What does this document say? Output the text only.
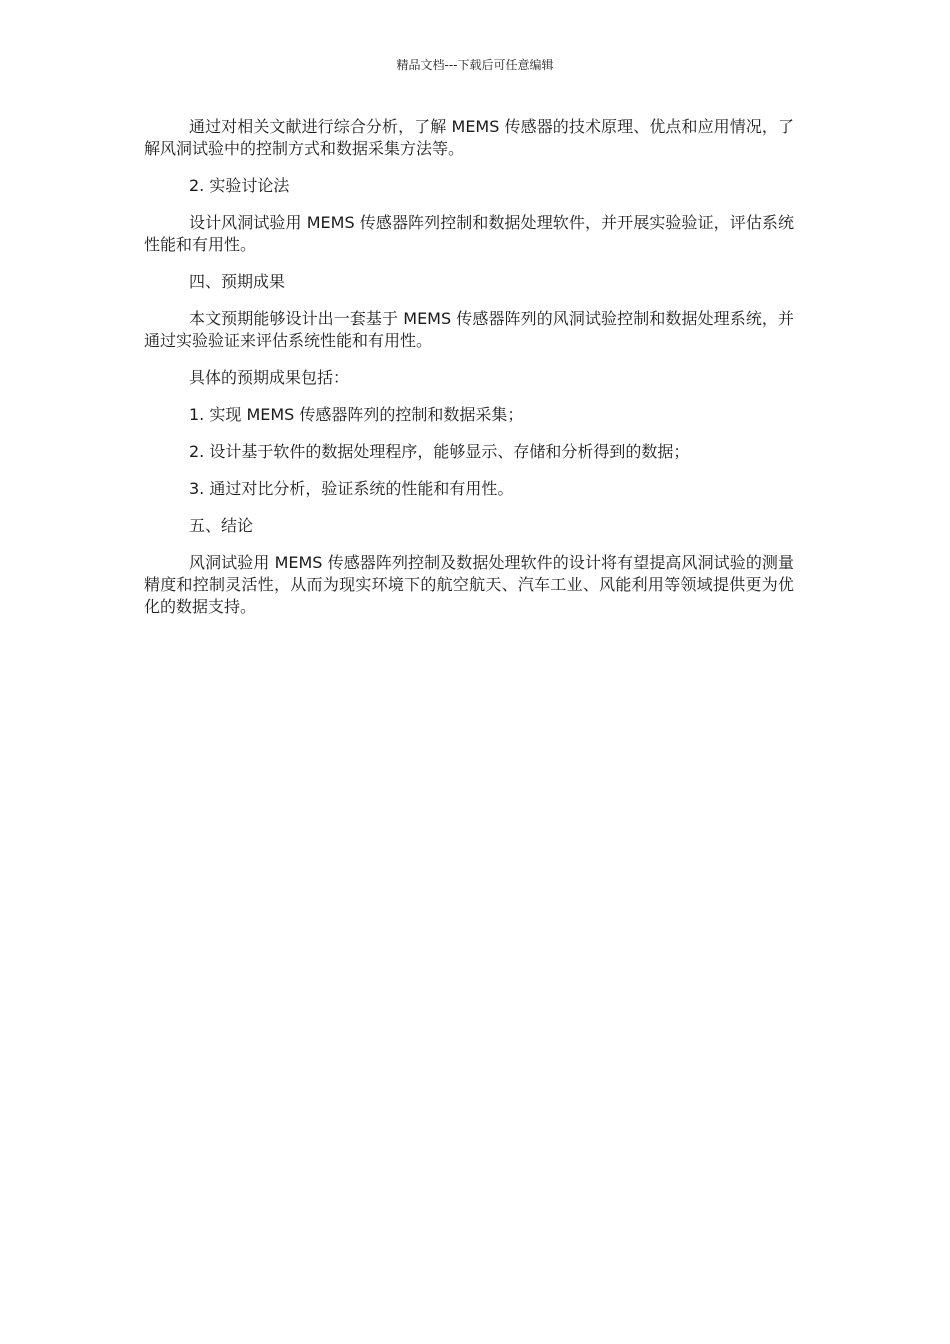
精品文档---下载后可任意编辑

通过对相关文献进行综合分析，了解 MEMS 传感器的技术原理、优点和应用情况，了解风洞试验中的控制方式和数据采集方法等。

2. 实验讨论法

设计风洞试验用 MEMS 传感器阵列控制和数据处理软件，并开展实验验证，评估系统性能和有用性。

四、预期成果

本文预期能够设计出一套基于 MEMS 传感器阵列的风洞试验控制和数据处理系统，并通过实验验证来评估系统性能和有用性。

具体的预期成果包括：

1. 实现 MEMS 传感器阵列的控制和数据采集；

2. 设计基于软件的数据处理程序，能够显示、存储和分析得到的数据；

3. 通过对比分析，验证系统的性能和有用性。

五、结论

风洞试验用 MEMS 传感器阵列控制及数据处理软件的设计将有望提高风洞试验的测量精度和控制灵活性，从而为现实环境下的航空航天、汽车工业、风能利用等领域提供更为优化的数据支持。
